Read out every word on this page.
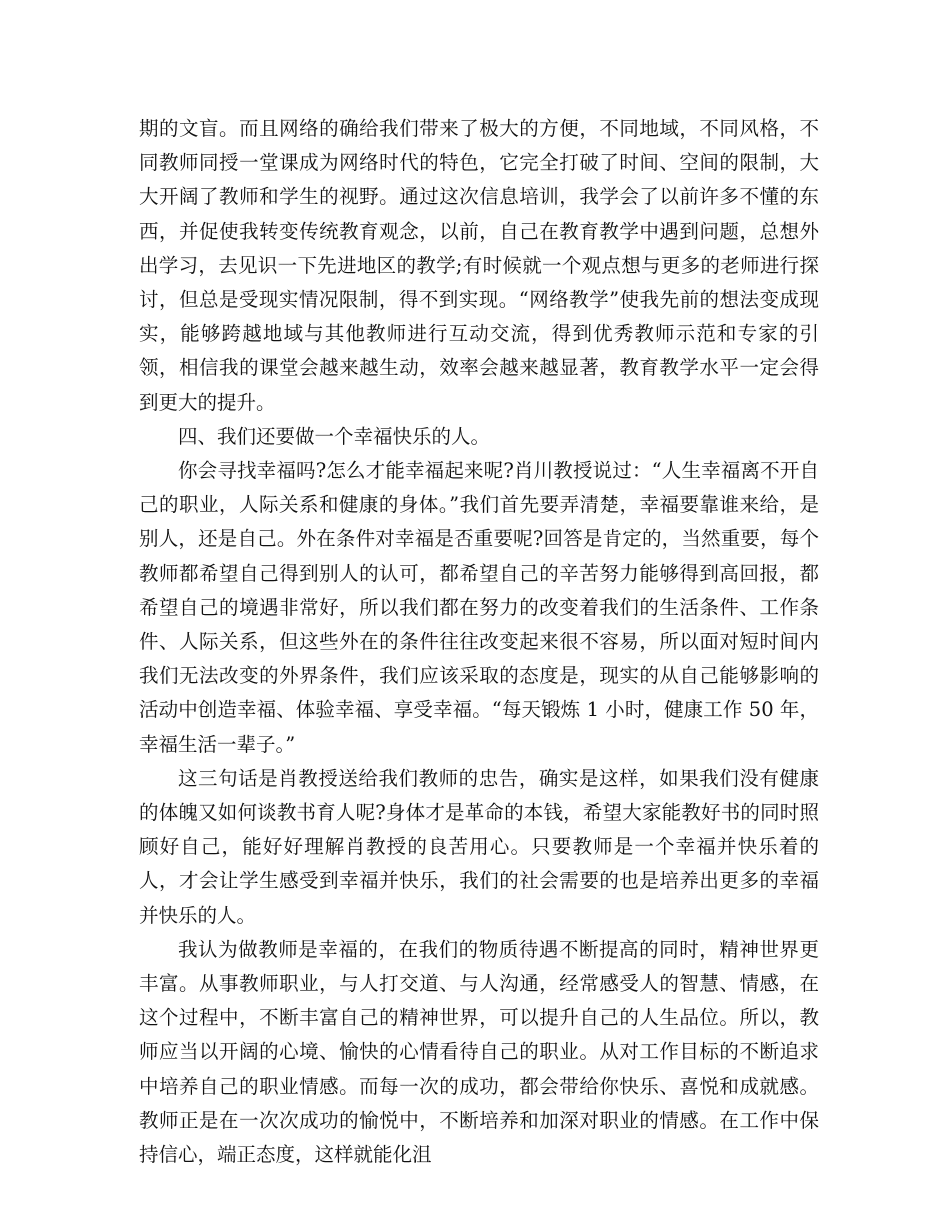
期的文盲。而且网络的确给我们带来了极大的方便，不同地域，不同风格，不同教师同授一堂课成为网络时代的特色，它完全打破了时间、空间的限制，大大开阔了教师和学生的视野。通过这次信息培训，我学会了以前许多不懂的东西，并促使我转变传统教育观念，以前，自己在教育教学中遇到问题，总想外出学习，去见识一下先进地区的教学;有时候就一个观点想与更多的老师进行探讨，但总是受现实情况限制，得不到实现。“网络教学”使我先前的想法变成现实，能够跨越地域与其他教师进行互动交流，得到优秀教师示范和专家的引领，相信我的课堂会越来越生动，效率会越来越显著，教育教学水平一定会得到更大的提升。

四、我们还要做一个幸福快乐的人。

你会寻找幸福吗?怎么才能幸福起来呢?肖川教授说过：“人生幸福离不开自己的职业，人际关系和健康的身体。”我们首先要弄清楚，幸福要靠谁来给，是别人，还是自己。外在条件对幸福是否重要呢?回答是肯定的，当然重要，每个教师都希望自己得到别人的认可，都希望自己的辛苦努力能够得到高回报，都希望自己的境遇非常好，所以我们都在努力的改变着我们的生活条件、工作条件、人际关系，但这些外在的条件往往改变起来很不容易，所以面对短时间内我们无法改变的外界条件，我们应该采取的态度是，现实的从自己能够影响的活动中创造幸福、体验幸福、享受幸福。“每天锻炼 1 小时，健康工作 50 年，幸福生活一辈子。”

这三句话是肖教授送给我们教师的忠告，确实是这样，如果我们没有健康的体魄又如何谈教书育人呢?身体才是革命的本钱，希望大家能教好书的同时照顾好自己，能好好理解肖教授的良苦用心。只要教师是一个幸福并快乐着的人，才会让学生感受到幸福并快乐，我们的社会需要的也是培养出更多的幸福并快乐的人。

我认为做教师是幸福的，在我们的物质待遇不断提高的同时，精神世界更丰富。从事教师职业，与人打交道、与人沟通，经常感受人的智慧、情感，在这个过程中，不断丰富自己的精神世界，可以提升自己的人生品位。所以，教师应当以开阔的心境、愉快的心情看待自己的职业。从对工作目标的不断追求中培养自己的职业情感。而每一次的成功，都会带给你快乐、喜悦和成就感。教师正是在一次次成功的愉悦中，不断培养和加深对职业的情感。在工作中保持信心，端正态度，这样就能化沮
